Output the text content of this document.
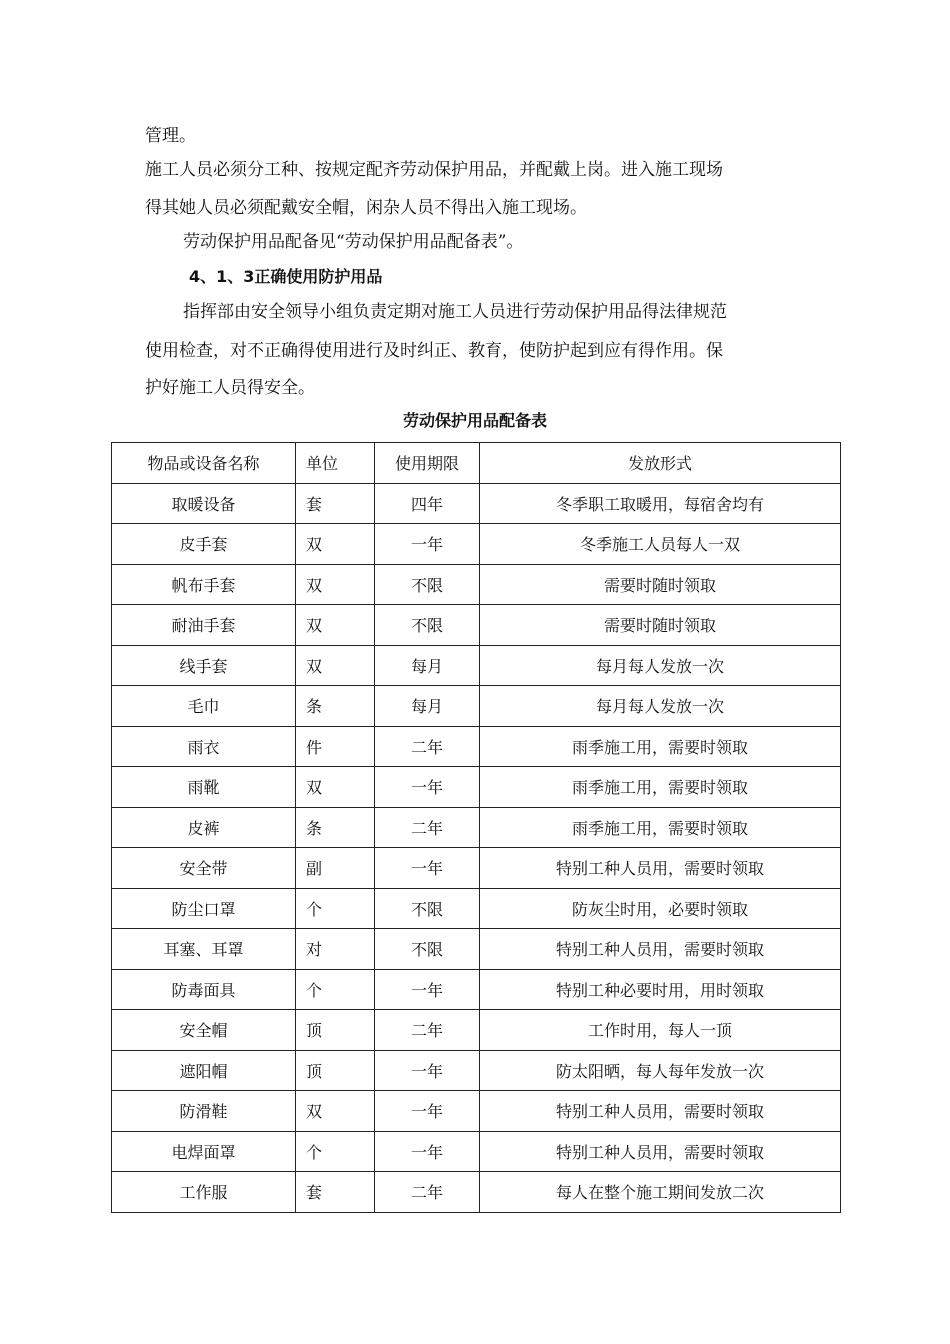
管理。
施工人员必须分工种、按规定配齐劳动保护用品，并配戴上岗。进入施工现场
得其她人员必须配戴安全帽，闲杂人员不得出入施工现场。
劳动保护用品配备见“劳动保护用品配备表”。
4、1、3正确使用防护用品
指挥部由安全领导小组负责定期对施工人员进行劳动保护用品得法律规范
使用检查，对不正确得使用进行及时纠正、教育，使防护起到应有得作用。保
护好施工人员得安全。
劳动保护用品配备表
物品或设备名称	单位	使用期限	发放形式
取暖设备	套	四年	冬季职工取暖用，每宿舍均有
皮手套	双	一年	冬季施工人员每人一双
帆布手套	双	不限	需要时随时领取
耐油手套	双	不限	需要时随时领取
线手套	双	每月	每月每人发放一次
毛巾	条	每月	每月每人发放一次
雨衣	件	二年	雨季施工用，需要时领取
雨靴	双	一年	雨季施工用，需要时领取
皮裤	条	二年	雨季施工用，需要时领取
安全带	副	一年	特别工种人员用，需要时领取
防尘口罩	个	不限	防灰尘时用，必要时领取
耳塞、耳罩	对	不限	特别工种人员用，需要时领取
防毒面具	个	一年	特别工种必要时用，用时领取
安全帽	顶	二年	工作时用，每人一顶
遮阳帽	顶	一年	防太阳晒，每人每年发放一次
防滑鞋	双	一年	特别工种人员用，需要时领取
电焊面罩	个	一年	特别工种人员用，需要时领取
工作服	套	二年	每人在整个施工期间发放二次
